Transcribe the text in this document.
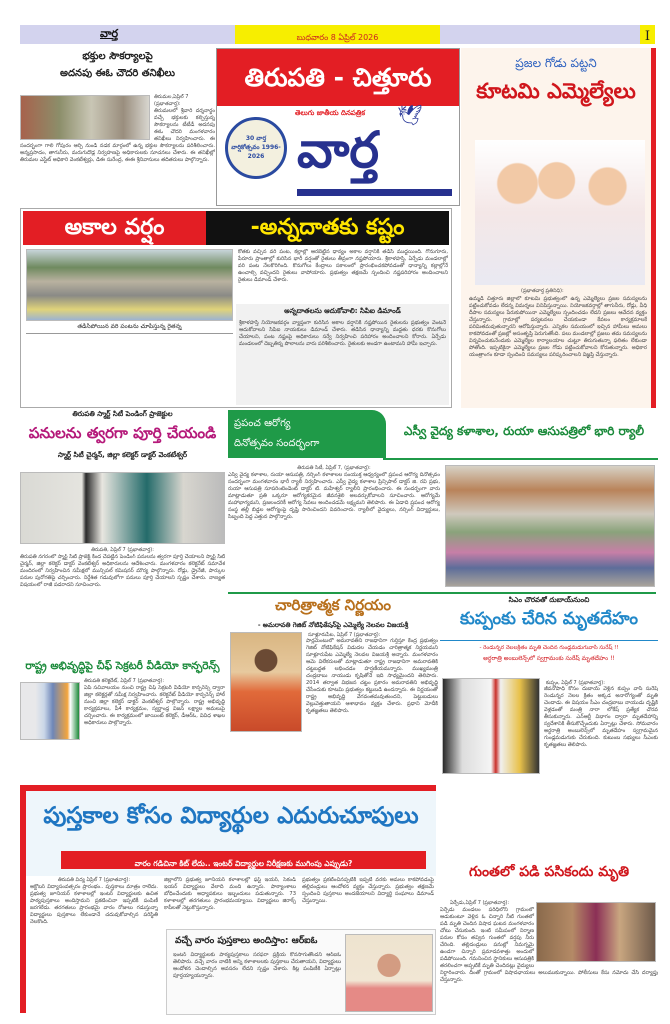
వార్త	బుధవారం 8 ఏప్రిల్ 2026	I
భక్తుల సౌకర్యాలపై
అదనపు ఈఓ చౌదరి తనిఖీలు
తిరుమల,ఏప్రిల్ 7 (ప్రభాతవార్త):
తిరుమలలో శ్రీవారి దర్శనార్థం వచ్చే భక్తులకు కల్పిస్తున్న సౌకర్యాలను టీటీడీ అదనపు ఈఓ చౌదరి మంగళవారం తనిఖీలు నిర్వహించారు. ఈ సందర్భంగా గాలి గోపురం ఆర్చి నుండి నడక మార్గంలో ఉన్న భక్తుల సౌకర్యాలను పరిశీలించారు. అన్నప్రసాదం, తాగునీరు, మరుగుదొడ్ల నిర్వహణపై అధికారులకు సూచనలు చేశారు. ఈ తనిఖీల్లో తిరుమల ఎస్టేట్ అధికారి వెంకటేశ్వర్లు, డిఈ సురేంద్ర, ఈఈ శ్రీనివాసులు తదితరులు పాల్గొన్నారు.
తిరుపతి - చిత్తూరు
30 వార్త వార్షికోత్సవం 1996-2026
తెలుగు జాతీయ దినపత్రిక 🕊
వార్త
ప్రజల గోడు పట్టని
కూటమి ఎమ్మెల్యేలు
(ప్రభాతవార్త ప్రతినిధి):
ఉమ్మడి చిత్తూరు జిల్లాలో కూటమి ప్రభుత్వంలో ఉన్న ఎమ్మెల్యేలు ప్రజల సమస్యలను పట్టించుకోవడం లేదన్న విమర్శలు వినిపిస్తున్నాయి. నియోజకవర్గాల్లో తాగునీరు, రోడ్లు, వీధి దీపాల సమస్యలు పేరుకుపోయినా ఎమ్మెల్యేలు స్పందించడం లేదని ప్రజలు ఆవేదన వ్యక్తం చేస్తున్నారు. గ్రామాల్లో పర్యటనలు చేయకుండా కేవలం కార్యక్రమాలకే పరిమితమవుతున్నారని ఆరోపిస్తున్నారు. ఎన్నికల సమయంలో ఇచ్చిన హామీలు అమలు కాకపోవడంతో ప్రజల్లో అసంతృప్తి పెరుగుతోంది. పలు మండలాల్లో ప్రజలు తమ సమస్యలను విన్నవించుకునేందుకు ఎమ్మెల్యేల కార్యాలయాల చుట్టూ తిరుగుతున్నా ఫలితం లేకుండా పోతోంది. ఇప్పటికైనా ఎమ్మెల్యేలు ప్రజల గోడు పట్టించుకోవాలని కోరుతున్నారు. అధికార యంత్రాంగం కూడా స్పందించి సమస్యలు పరిష్కరించాలని విజ్ఞప్తి చేస్తున్నారు.
అకాల వర్షం	-అన్నదాతకు కష్టం
తడిసిపోయిన వరి పంటను చూపిస్తున్న రైతన్న
కోతకు వచ్చిన వరి పంట, కల్లాల్లో ఆరబెట్టిన ధాన్యం అకాల వర్షానికి తడిసి ముద్దయింది. గోనుగూరు, పేరూరు ప్రాంతాల్లో కురిసిన భారీ వర్షంతో రైతులు తీవ్రంగా నష్టపోయారు. శ్రీకాళహస్తి, ఏర్పేడు మండలాల్లో వరి పంట నేలకొరిగింది. కొనుగోలు కేంద్రాలు సకాలంలో ప్రారంభించకపోవడంతో ధాన్యాన్ని కల్లాల్లోనే ఉంచాల్సి వచ్చిందని రైతులు వాపోయారు. ప్రభుత్వం తక్షణమే స్పందించి నష్టపరిహారం అందించాలని రైతులు డిమాండ్ చేశారు.
అన్నదాతలను ఆదుకోవాలి: సిపిఐ డిమాండ్
శ్రీకాళహస్తి నియోజకవర్గం వ్యాప్తంగా కురిసిన అకాల వర్షానికి నష్టపోయిన రైతులను ప్రభుత్వం వెంటనే ఆదుకోవాలని సిపిఐ నాయకులు డిమాండ్ చేశారు. తడిసిన ధాన్యాన్ని మద్దతు ధరకు కొనుగోలు చేయాలని, పంట నష్టంపై అధికారులు సర్వే నిర్వహించి పరిహారం అందించాలని కోరారు. ఏర్పేడు మండలంలో దెబ్బతిన్న పొలాలను వారు పరిశీలించారు. రైతులకు అండగా ఉంటామని హామీ ఇచ్చారు.
తిరుపతి స్మార్ట్ సిటీ పెండింగ్ ప్రాజెక్టుల
పనులను త్వరగా పూర్తి చేయండి
స్మార్ట్ సిటీ చైర్మన్, జిల్లా కలెక్టర్ డాక్టర్ వెంకటేశ్వర్
తిరుపతి, ఏప్రిల్ 7 (ప్రభాతవార్త):
తిరుపతి నగరంలో స్మార్ట్ సిటీ ప్రాజెక్ట్ కింద చేపట్టిన పెండింగ్ పనులను త్వరగా పూర్తి చేయాలని స్మార్ట్ సిటీ చైర్మన్, జిల్లా కలెక్టర్ డాక్టర్ వెంకటేశ్వర్ అధికారులను ఆదేశించారు. మంగళవారం కలెక్టరేట్ సమావేశ మందిరంలో నిర్వహించిన సమీక్షలో మున్సిపల్ కమిషనర్ మౌర్య పాల్గొన్నారు. రోడ్లు, డ్రైనేజీ, పార్కుల పనుల పురోగతిపై చర్చించారు. నిర్దేశిత గడువులోగా పనులు పూర్తి చేయాలని స్పష్టం చేశారు. నాణ్యత విషయంలో రాజీ పడరాదని సూచించారు.
రాష్ట్ర అభివృద్ధిపై చీఫ్ సెక్రటరీ వీడియో కాన్ఫరెన్స్
తిరుపతి కలెక్టరేట్, ఏప్రిల్ 7 (ప్రభాతవార్త):
ఏపీ సచివాలయం నుంచి రాష్ట్ర చీఫ్ సెక్రటరీ వీడియో కాన్ఫరెన్స్ ద్వారా జిల్లా కలెక్టర్లతో సమీక్ష నిర్వహించారు. కలెక్టరేట్ వీడియో కాన్ఫరెన్స్ హాల్ నుంచి జిల్లా కలెక్టర్ డాక్టర్ వెంకటేశ్వర్ పాల్గొన్నారు. రాష్ట్ర అభివృద్ధి కార్యక్రమాలు, పీ4 కార్యక్రమం, స్వర్ణాంధ్ర విజన్ లక్ష్యాల అమలుపై చర్చించారు. ఈ కార్యక్రమంలో జాయింట్ కలెక్టర్, డీఆర్ఓ, వివిధ శాఖల అధికారులు పాల్గొన్నారు.
ప్రపంచ ఆరోగ్య
దినోత్సవం సందర్భంగా
ఎస్వీ వైద్య కళాశాల, రుయా ఆసుపత్రిలో భారి ర్యాలీ
తిరుపతి సిటీ, ఏప్రిల్ 7, (ప్రభాతవార్త):
ఎస్వీ వైద్య కళాశాల, రుయా ఆసుపత్రి, నర్సింగ్ కళాశాలల సంయుక్త ఆధ్వర్యంలో ప్రపంచ ఆరోగ్య దినోత్సవం సందర్భంగా మంగళవారం భారీ ర్యాలీ నిర్వహించారు. ఎస్వీ వైద్య కళాశాల ప్రిన్సిపాల్ డాక్టర్ జి. రవి ప్రభు, రుయా ఆసుపత్రి సూపరింటెండెంట్ డాక్టర్ టి. మహేశ్వర్ ర్యాలీని ప్రారంభించారు. ఈ సందర్భంగా వారు మాట్లాడుతూ ప్రతి ఒక్కరూ ఆరోగ్యకరమైన జీవనశైలి అలవర్చుకోవాలని సూచించారు. ఆరోగ్యమే మహాభాగ్యమని, ప్రజలందరికీ ఆరోగ్య సేవలు అందించడమే లక్ష్యమని తెలిపారు. ఈ ఏడాది ప్రపంచ ఆరోగ్య సంస్థ తల్లీ బిడ్డల ఆరోగ్యంపై దృష్టి సారించిందని వివరించారు. ర్యాలీలో వైద్యులు, నర్సింగ్ విద్యార్థులు, సిబ్బంది పెద్ద ఎత్తున పాల్గొన్నారు.
చారిత్రాత్మక నిర్ణయం
- అమరావతి గెజిట్ నోటిఫికేషన్‌పై ఎమ్మెల్యే నెలవల విజయశ్రీ
సూళ్లూరుపేట, ఏప్రిల్ 7 (ప్రభాతవార్త):
పార్లమెంటులో అమరావతిని రాజధానిగా గుర్తిస్తూ కేంద్ర ప్రభుత్వం గెజిట్ నోటిఫికేషన్ విడుదల చేయడం చారిత్రాత్మక నిర్ణయమని సూళ్లూరుపేట ఎమ్మెల్యే నెలవల విజయశ్రీ అన్నారు. మంగళవారం ఆమె విలేకరులతో మాట్లాడుతూ రాష్ట్ర రాజధానిగా అమరావతికి చట్టబద్ధత లభించడం హర్షణీయమన్నారు. ముఖ్యమంత్రి చంద్రబాబు నాయుడు కృషితోనే ఇది సాధ్యమైందని తెలిపారు. 2014 తర్వాత విభజన చట్టం ప్రకారం అమరావతిని అభివృద్ధి చేసేందుకు కూటమి ప్రభుత్వం కట్టుబడి ఉందన్నారు. ఈ నిర్ణయంతో రాష్ట్ర అభివృద్ధి వేగవంతమవుతుందని, పెట్టుబడులు వెల్లువెత్తుతాయని ఆశాభావం వ్యక్తం చేశారు. ప్రధాని మోదీకి కృతజ్ఞతలు తెలిపారు.
సిఎం చొరవతో దుబాయ్‌నుంచి
కుప్పంకు చేరిన మృతదేహం
- రెండున్నర నెలలక్రితం మృతి చెందిన గుండ్లమడుగువాసి సురేష్ !!
అర్ధరాత్రి అంబులెన్స్‌లో స్వగ్రామంకు సురేష్ మృతదేహం !!
కుప్పం, ఏప్రిల్ 7 (ప్రభాతవార్త):
జీవనోపాధి కోసం దుబాయ్ వెళ్లిన కుప్పం వాసి సురేష్ రెండున్నర నెలల క్రితం అక్కడ అనారోగ్యంతో మృతి చెందాడు. ఈ విషయం సీఎం చంద్రబాబు నాయుడు దృష్టికి వెళ్లడంతో మంత్రి నారా లోకేష్ ప్రత్యేక చొరవ తీసుకున్నారు. ఎన్ఆర్టీ విభాగం ద్వారా మృతదేహాన్ని స్వదేశానికి తీసుకొచ్చేందుకు ఏర్పాట్లు చేశారు. సోమవారం అర్ధరాత్రి అంబులెన్స్‌లో మృతదేహం స్వగ్రామమైన గుండ్లమడుగుకు చేరుకుంది. కుటుంబ సభ్యులు సీఎంకు కృతజ్ఞతలు తెలిపారు.
గుంతలో పడి పసికందు మృతి
ఏర్పేడు,ఏప్రిల్ 7 (ప్రభాతవార్త):
ఏర్పేడు మండలం పరిధిలోని గ్రామంలో ఆడుకుంటూ వెళ్లిన ఓ చిన్నారి నీటి గుంతలో పడి మృతి చెందిన విషాద ఘటన మంగళవారం చోటు చేసుకుంది. ఇంటి సమీపంలో నిర్మాణ పనుల కోసం తవ్విన గుంతలో వర్షపు నీరు చేరింది. తల్లిదండ్రులు పనుల్లో నిమగ్నమై ఉండగా చిన్నారి ప్రమాదవశాత్తు అందులో పడిపోయింది. గమనించిన స్థానికులు ఆసుపత్రికి తరలించగా అప్పటికే మృతి చెందినట్లు వైద్యులు నిర్ధారించారు. దీంతో గ్రామంలో విషాదఛాయలు అలుముకున్నాయి. పోలీసులు కేసు నమోదు చేసి దర్యాప్తు చేస్తున్నారు.
పుస్తకాల కోసం విద్యార్థుల ఎదురుచూపులు
వారం గడిచినా కిట్ లేదు.. ఇంటర్ విద్యార్థుల నిరీక్షణకు ముగింపు ఎప్పుడు?
తిరుపతి విద్య ఏప్రిల్ 7 (ప్రభాతవార్త):
అక్టోబర్ విద్యాసంవత్సరం ప్రారంభం.. పుస్తకాలు మాత్రం రాలేదు. ప్రభుత్వ జూనియర్ కళాశాలల్లో ఇంటర్ విద్యార్థులకు ఉచిత పాఠ్యపుస్తకాలు అందిస్తామని ప్రకటించినా ఇప్పటికీ పంపిణీ జరగలేదు. తరగతులు ప్రారంభమై వారం రోజులు గడుస్తున్నా విద్యార్థులు పుస్తకాలు లేకుండానే చదువుకోవాల్సిన పరిస్థితి నెలకొంది.
జిల్లాలోని ప్రభుత్వ జూనియర్ కళాశాలల్లో ఫస్ట్ ఇయర్, సెకండ్ ఇయర్ విద్యార్థులు వేలాది మంది ఉన్నారు. పాఠ్యాంశాలు బోధించేందుకు అధ్యాపకులు ఇబ్బందులు పడుతున్నారు. 73 కళాశాలల్లో తరగతులు ప్రారంభమయ్యాయి. విద్యార్థులు జిరాక్స్ కాపీలతో నెట్టుకొస్తున్నారు.
ప్రభుత్వం ప్రకటించినప్పటికీ ఇప్పటి వరకు అమలు కాకపోవడంపై తల్లిదండ్రులు ఆందోళన వ్యక్తం చేస్తున్నారు. ప్రభుత్వం తక్షణమే స్పందించి పుస్తకాలు అందజేయాలని విద్యార్థి సంఘాలు డిమాండ్ చేస్తున్నాయి.
వచ్చే వారం పుస్తకాలు అందిస్తాం: ఆర్ఐఓ
ఇంటర్ విద్యార్థులకు పాఠ్యపుస్తకాలు సరఫరా ప్రక్రియ కొనసాగుతోందని ఆర్ఐఓ తెలిపారు. వచ్చే వారం నాటికి అన్ని కళాశాలలకు పుస్తకాలు చేరుతాయని, విద్యార్థులు ఆందోళన చెందాల్సిన అవసరం లేదని స్పష్టం చేశారు. కిట్ల పంపిణీకి ఏర్పాట్లు పూర్తయ్యాయన్నారు.
